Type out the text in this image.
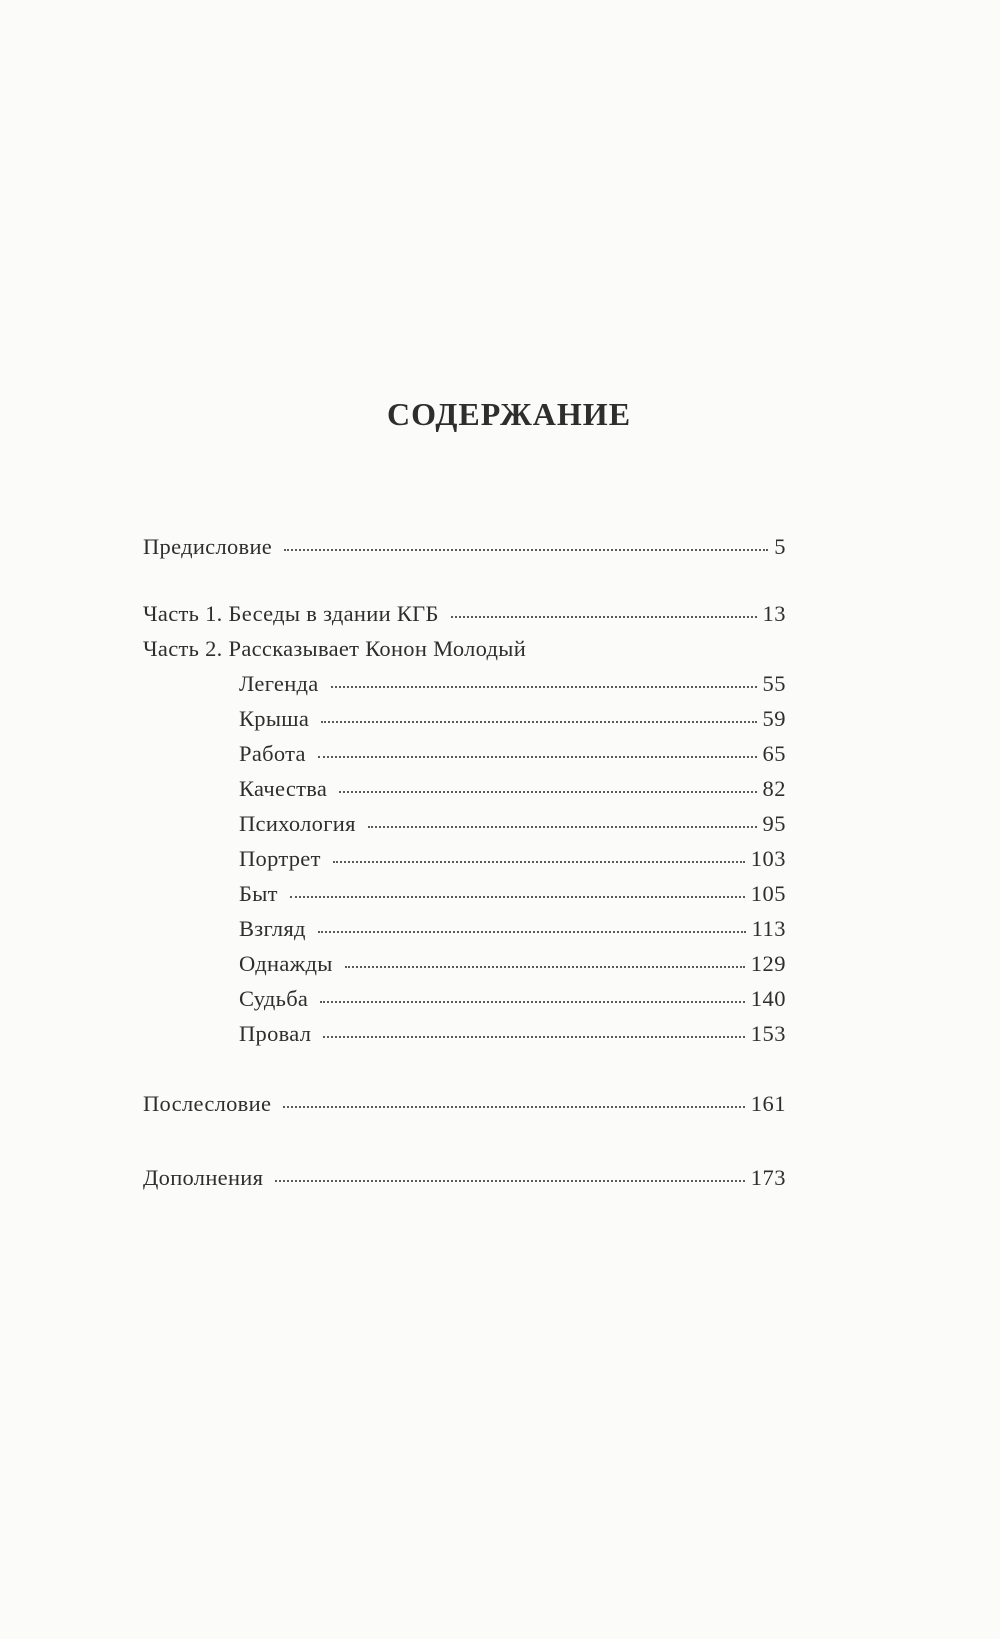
СОДЕРЖАНИЕ
Предисловие	5
Часть 1. Беседы в здании КГБ	13
Часть 2. Рассказывает Конон Молодый
Легенда	55
Крыша	59
Работа	65
Качества	82
Психология	95
Портрет	103
Быт	105
Взгляд	113
Однажды	129
Судьба	140
Провал	153
Послесловие	161
Дополнения	173
